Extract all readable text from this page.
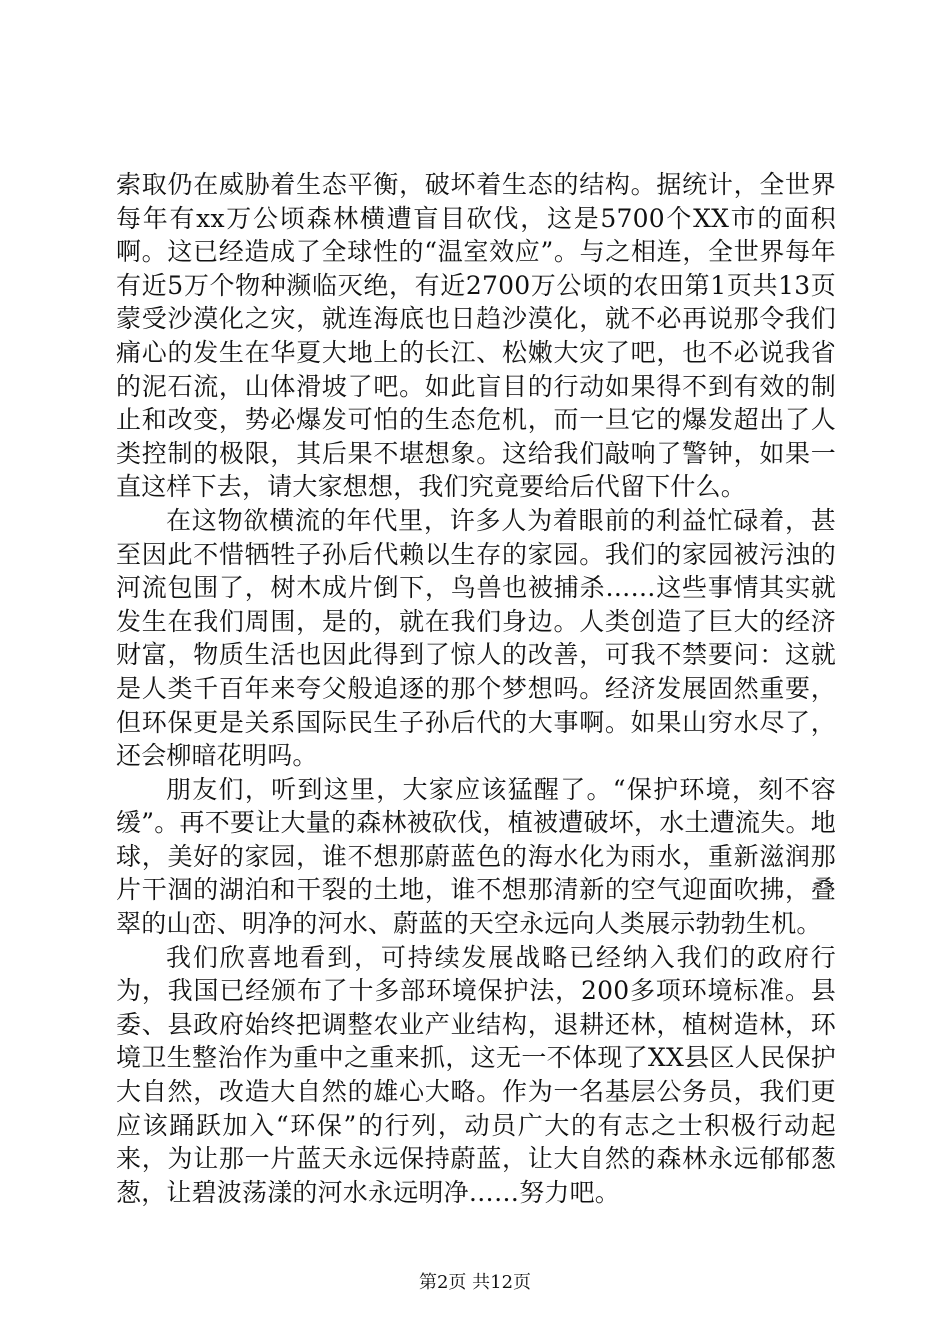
索取仍在威胁着生态平衡，破坏着生态的结构。据统计，全世界每年有xx万公顷森林横遭盲目砍伐，这是5700个XX市的面积啊。这已经造成了全球性的“温室效应”。与之相连，全世界每年有近5万个物种濒临灭绝，有近2700万公顷的农田第1页共13页蒙受沙漠化之灾，就连海底也日趋沙漠化，就不必再说那令我们痛心的发生在华夏大地上的长江、松嫩大灾了吧，也不必说我省的泥石流，山体滑坡了吧。如此盲目的行动如果得不到有效的制止和改变，势必爆发可怕的生态危机，而一旦它的爆发超出了人类控制的极限，其后果不堪想象。这给我们敲响了警钟，如果一直这样下去，请大家想想，我们究竟要给后代留下什么。

在这物欲横流的年代里，许多人为着眼前的利益忙碌着，甚至因此不惜牺牲子孙后代赖以生存的家园。我们的家园被污浊的河流包围了，树木成片倒下，鸟兽也被捕杀……这些事情其实就发生在我们周围，是的，就在我们身边。人类创造了巨大的经济财富，物质生活也因此得到了惊人的改善，可我不禁要问：这就是人类千百年来夸父般追逐的那个梦想吗。经济发展固然重要，但环保更是关系国际民生子孙后代的大事啊。如果山穷水尽了，还会柳暗花明吗。

朋友们，听到这里，大家应该猛醒了。“保护环境，刻不容缓”。再不要让大量的森林被砍伐，植被遭破坏，水土遭流失。地球，美好的家园，谁不想那蔚蓝色的海水化为雨水，重新滋润那片干涸的湖泊和干裂的土地，谁不想那清新的空气迎面吹拂，叠翠的山峦、明净的河水、蔚蓝的天空永远向人类展示勃勃生机。

我们欣喜地看到，可持续发展战略已经纳入我们的政府行为，我国已经颁布了十多部环境保护法，200多项环境标准。县委、县政府始终把调整农业产业结构，退耕还林，植树造林，环境卫生整治作为重中之重来抓，这无一不体现了XX县区人民保护大自然，改造大自然的雄心大略。作为一名基层公务员，我们更应该踊跃加入“环保”的行列，动员广大的有志之士积极行动起来，为让那一片蓝天永远保持蔚蓝，让大自然的森林永远郁郁葱葱，让碧波荡漾的河水永远明净……努力吧。

第2页 共12页
